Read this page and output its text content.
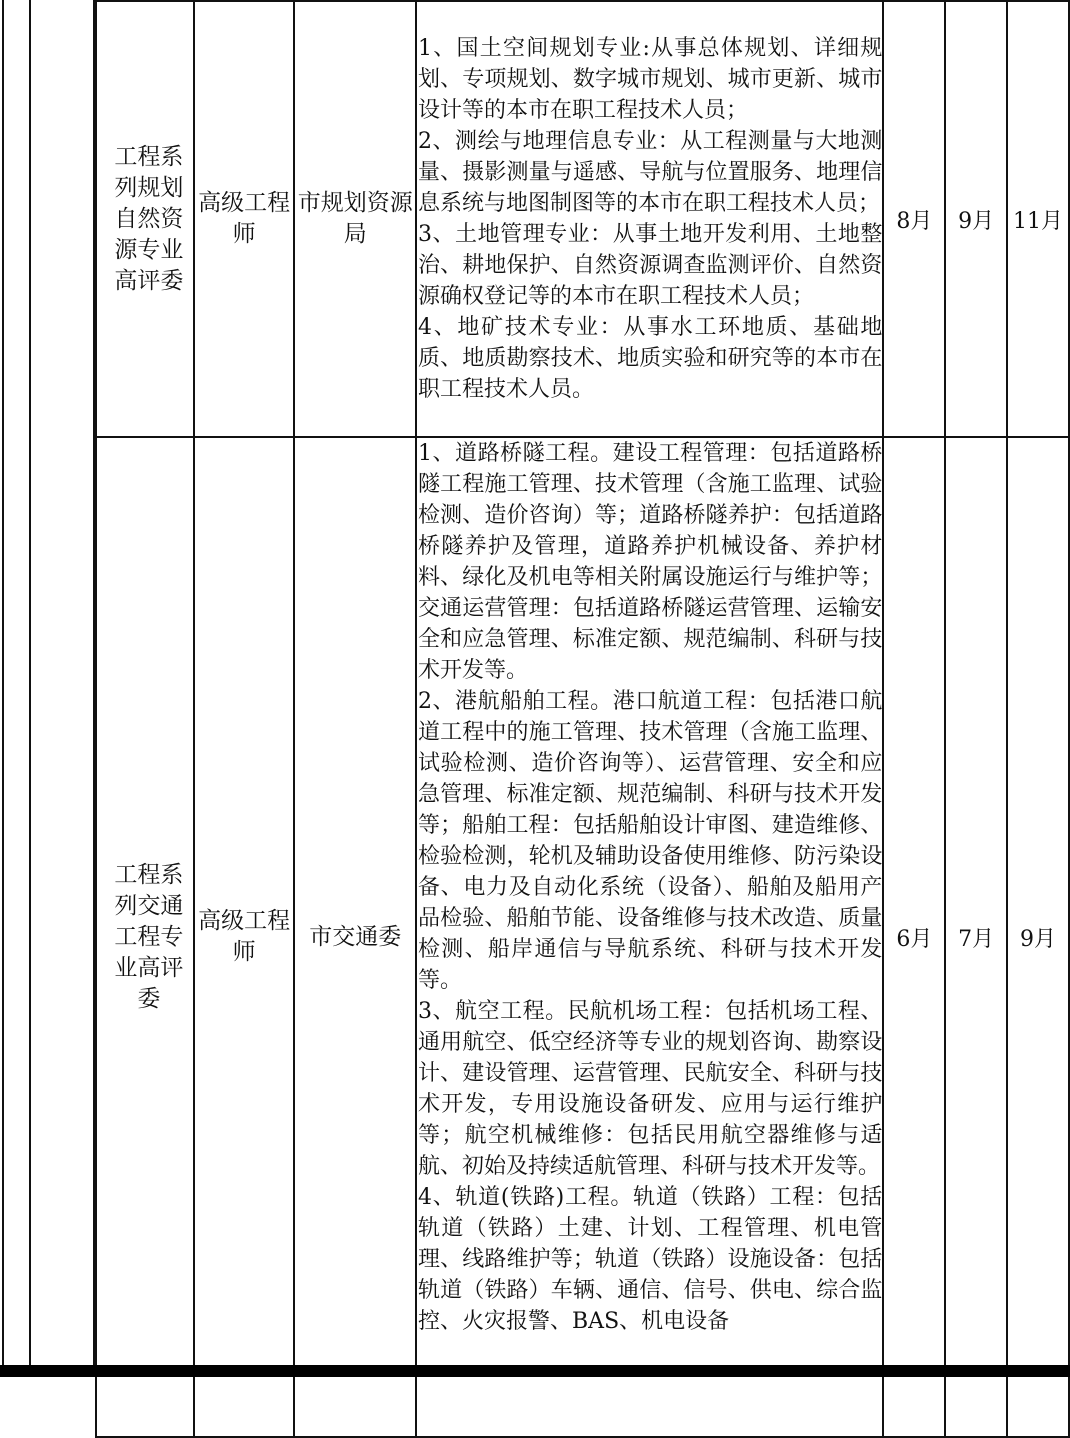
工程系列规划自然资源专业高评委	高级工程师	市规划资源局	1、国土空间规划专业:从事总体规划、详细规划、专项规划、数字城市规划、城市更新、城市设计等的本市在职工程技术人员；
2、测绘与地理信息专业：从工程测量与大地测量、摄影测量与遥感、导航与位置服务、地理信息系统与地图制图等的本市在职工程技术人员；
3、土地管理专业：从事土地开发利用、土地整治、耕地保护、自然资源调查监测评价、自然资源确权登记等的本市在职工程技术人员；
4、地矿技术专业：从事水工环地质、基础地质、地质勘察技术、地质实验和研究等的本市在职工程技术人员。	8月	9月	11月
工程系列交通工程专业高评委	高级工程师	市交通委	1、道路桥隧工程。建设工程管理：包括道路桥隧工程施工管理、技术管理（含施工监理、试验检测、造价咨询）等；道路桥隧养护：包括道路桥隧养护及管理，道路养护机械设备、养护材料、绿化及机电等相关附属设施运行与维护等；交通运营管理：包括道路桥隧运营管理、运输安全和应急管理、标准定额、规范编制、科研与技术开发等。
2、港航船舶工程。港口航道工程：包括港口航道工程中的施工管理、技术管理（含施工监理、试验检测、造价咨询等）、运营管理、安全和应急管理、标准定额、规范编制、科研与技术开发等；船舶工程：包括船舶设计审图、建造维修、检验检测，轮机及辅助设备使用维修、防污染设备、电力及自动化系统（设备）、船舶及船用产品检验、船舶节能、设备维修与技术改造、质量检测、船岸通信与导航系统、科研与技术开发等。
3、航空工程。民航机场工程：包括机场工程、通用航空、低空经济等专业的规划咨询、勘察设计、建设管理、运营管理、民航安全、科研与技术开发，专用设施设备研发、应用与运行维护等；航空机械维修：包括民用航空器维修与适航、初始及持续适航管理、科研与技术开发等。
4、轨道(铁路)工程。轨道（铁路）工程：包括轨道（铁路）土建、计划、工程管理、机电管理、线路维护等；轨道（铁路）设施设备：包括轨道（铁路）车辆、通信、信号、供电、综合监控、火灾报警、BAS、机电设备	6月	7月	9月
